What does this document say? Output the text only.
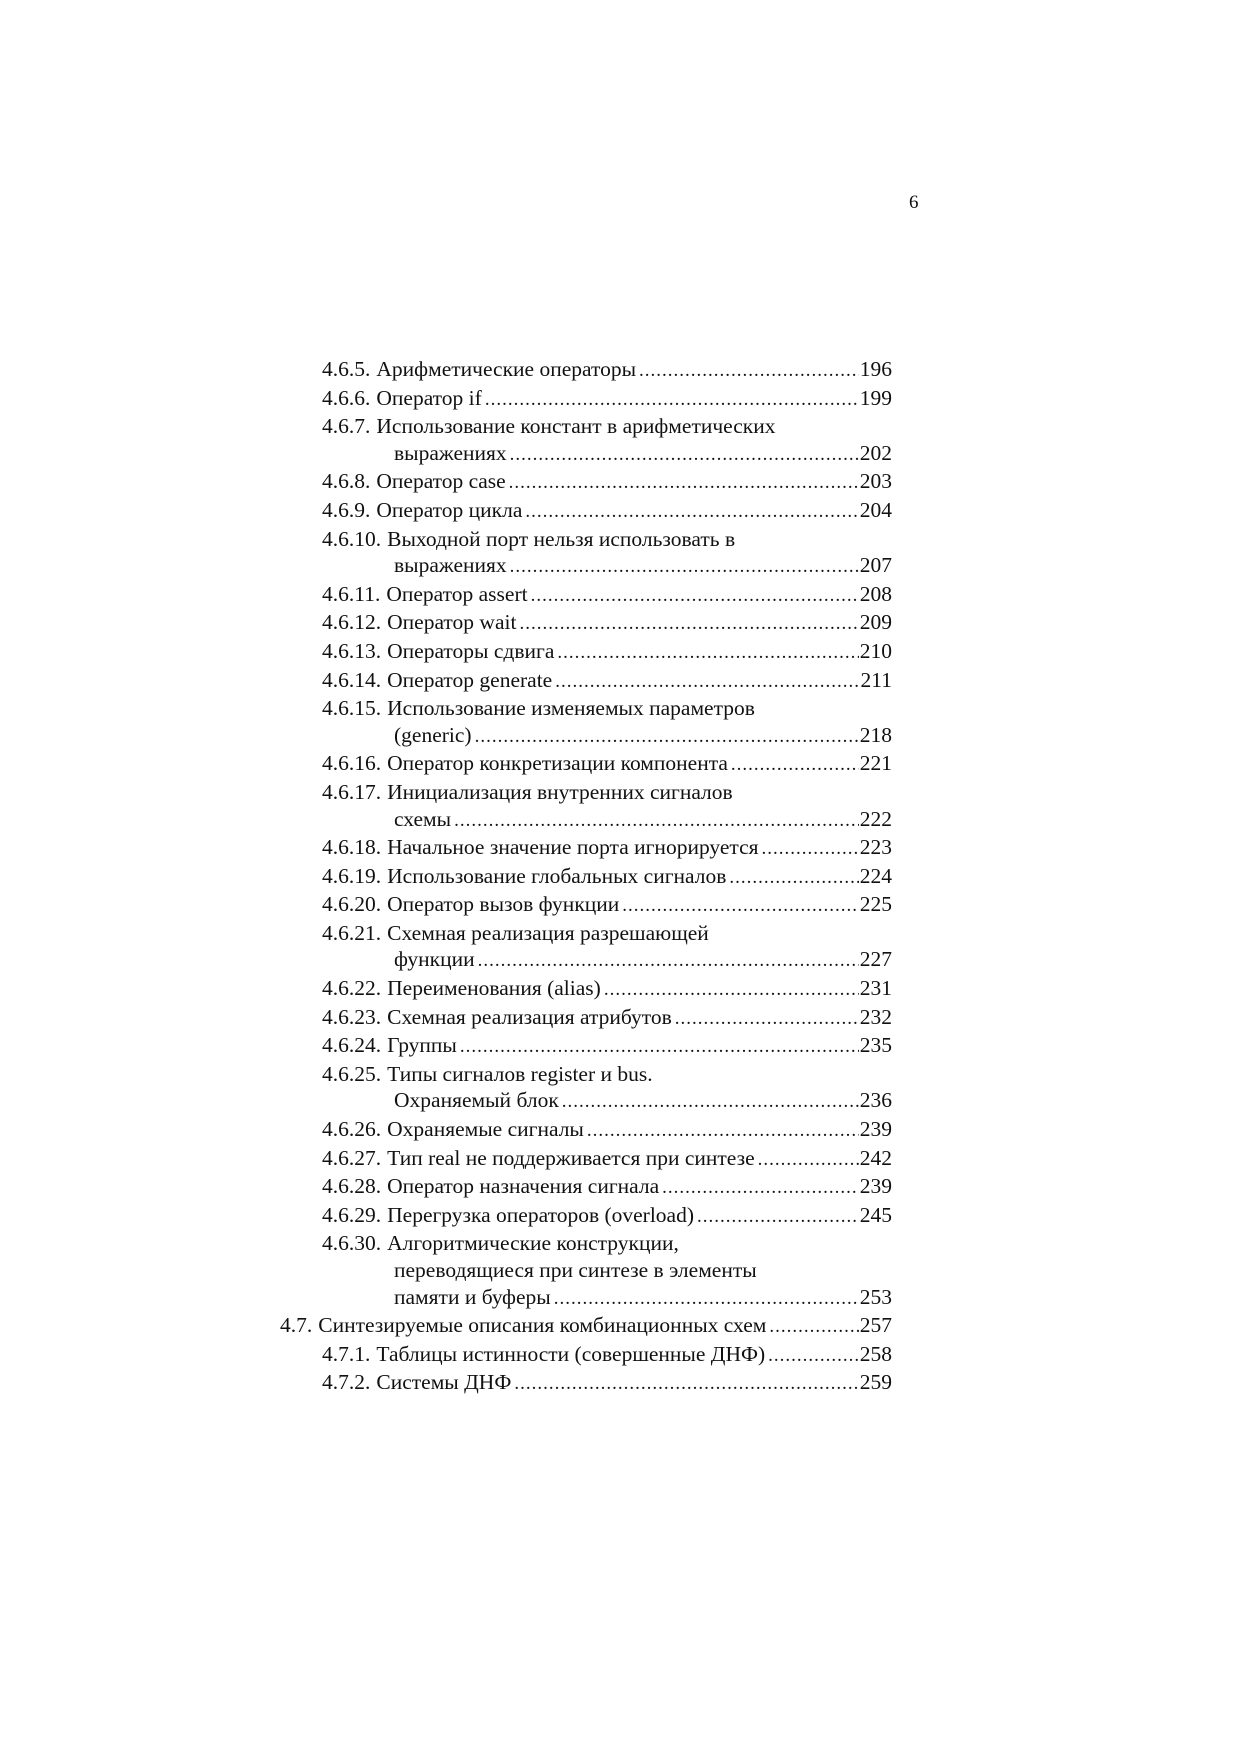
6
4.6.5. Арифметические операторы .....	196
4.6.6. Оператор if .....	199
4.6.7. Использование констант в арифметических
выражениях .....	202
4.6.8. Оператор case .....	203
4.6.9. Оператор цикла .....	204
4.6.10. Выходной порт нельзя использовать в
выражениях .....	207
4.6.11. Оператор assert .....	208
4.6.12. Оператор wait .....	209
4.6.13. Операторы сдвига .....	210
4.6.14. Оператор generate .....	211
4.6.15. Использование изменяемых параметров
(generic) .....	218
4.6.16. Оператор конкретизации компонента .....	221
4.6.17. Инициализация внутренних сигналов
схемы .....	222
4.6.18. Начальное значение порта игнорируется .....	223
4.6.19. Использование глобальных сигналов .....	224
4.6.20. Оператор вызов функции .....	225
4.6.21. Схемная реализация разрешающей
функции .....	227
4.6.22. Переименования (alias) .....	231
4.6.23. Схемная реализация атрибутов .....	232
4.6.24. Группы .....	235
4.6.25. Типы сигналов register и bus.
Охраняемый блок .....	236
4.6.26. Охраняемые сигналы .....	239
4.6.27. Тип real не поддерживается при синтезе .....	242
4.6.28. Оператор назначения сигнала .....	239
4.6.29. Перегрузка операторов (overload) .....	245
4.6.30. Алгоритмические конструкции,
переводящиеся при синтезе в элементы
памяти и буферы .....	253
4.7. Синтезируемые описания комбинационных схем .....	257
4.7.1. Таблицы истинности (совершенные ДНФ) .....	258
4.7.2. Системы ДНФ .....	259
